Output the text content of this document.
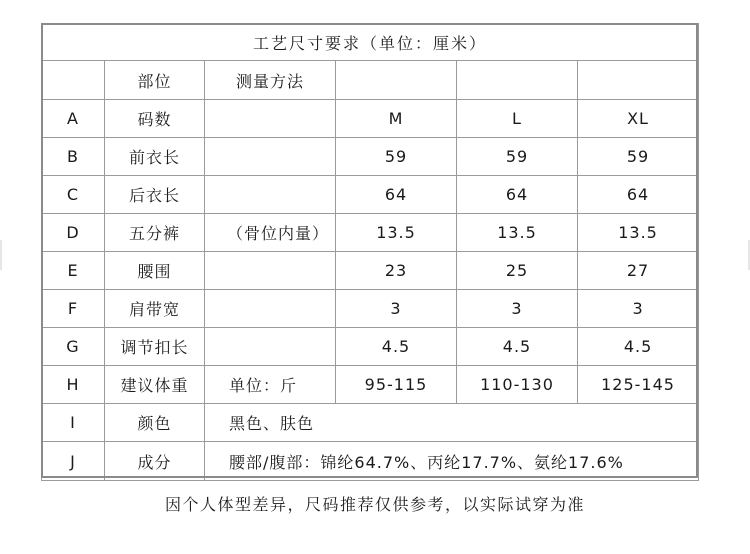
工艺尺寸要求（单位：厘米）					
	部位	测量方法			
A	码数		M	L	XL
B	前衣长		59	59	59
C	后衣长		64	64	64
D	五分裤	（骨位内量）	13.5	13.5	13.5
E	腰围		23	25	27
F	肩带宽		3	3	3
G	调节扣长		4.5	4.5	4.5
H	建议体重	单位：斤	95-115	110-130	125-145
I	颜色	黑色、肤色			
J	成分	腰部/腹部：锦纶64.7%、丙纶17.7%、氨纶17.6%			
因个人体型差异，尺码推荐仅供参考，以实际试穿为准
